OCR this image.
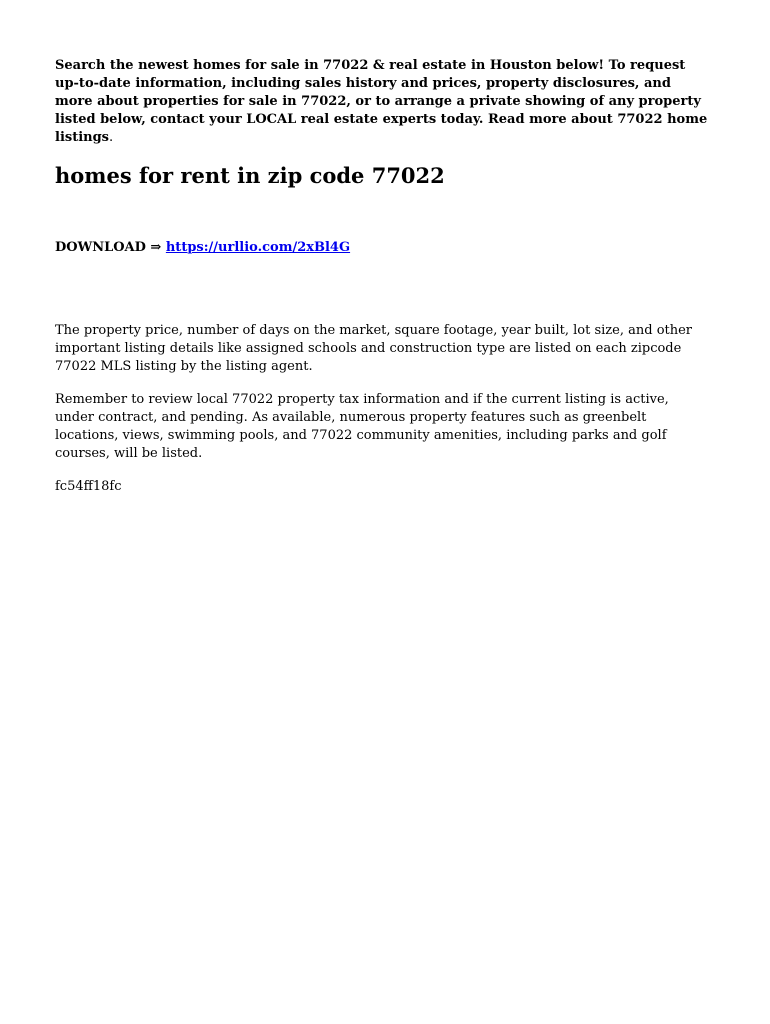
Search the newest homes for sale in 77022 & real estate in Houston below! To request up-to-date information, including sales history and prices, property disclosures, and more about properties for sale in 77022, or to arrange a private showing of any property listed below, contact your LOCAL real estate experts today. Read more about 77022 home listings.

homes for rent in zip code 77022

DOWNLOAD ⇒ https://urllio.com/2xBl4G

The property price, number of days on the market, square footage, year built, lot size, and other important listing details like assigned schools and construction type are listed on each zipcode 77022 MLS listing by the listing agent.

Remember to review local 77022 property tax information and if the current listing is active, under contract, and pending. As available, numerous property features such as greenbelt locations, views, swimming pools, and 77022 community amenities, including parks and golf courses, will be listed.

fc54ff18fc
